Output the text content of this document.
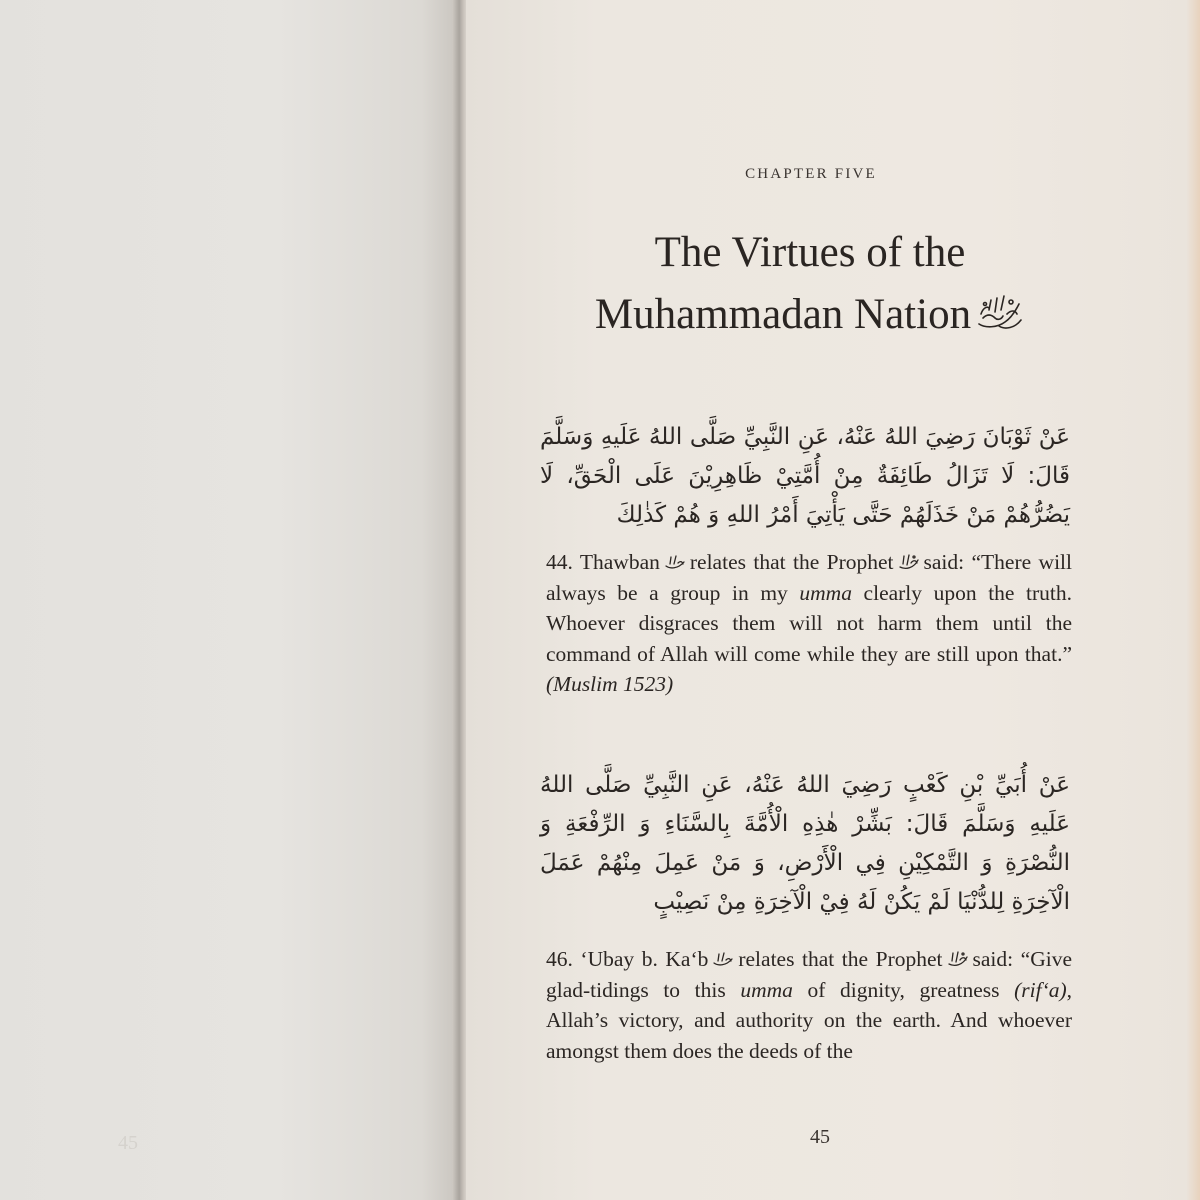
45
CHAPTER FIVE
The Virtues of the
Muhammadan Nation
عَنْ ثَوْبَانَ رَضِيَ اللهُ عَنْهُ، عَنِ النَّبِيِّ صَلَّى اللهُ عَلَيهِ وَسَلَّمَ قَالَ: لَا تَزَالُ طَائِفَةٌ مِنْ أُمَّتِيْ ظَاهِرِيْنَ عَلَى الْحَقِّ، لَا يَضُرُّهُمْ مَنْ خَذَلَهُمْ حَتَّى يَأْتِيَ أَمْرُ اللهِ وَ هُمْ كَذٰلِكَ

44. Thawban relates that the Prophet said: “There will always be a group in my umma clearly upon the truth. Whoever disgraces them will not harm them until the command of Allah will come while they are still upon that.” (Muslim 1523)

عَنْ أُبَيِّ بْنِ كَعْبٍ رَضِيَ اللهُ عَنْهُ، عَنِ النَّبِيِّ صَلَّى اللهُ عَلَيهِ وَسَلَّمَ قَالَ: بَشِّرْ هٰذِهِ الْأُمَّةَ بِالسَّنَاءِ وَ الرِّفْعَةِ وَ النُّصْرَةِ وَ التَّمْكِيْنِ فِي الْأَرْضِ، وَ مَنْ عَمِلَ مِنْهُمْ عَمَلَ الْآخِرَةِ لِلدُّنْيَا لَمْ يَكُنْ لَهُ فِيْ الْآخِرَةِ مِنْ نَصِيْبٍ

46. ‘Ubay b. Ka‘b relates that the Prophet said: “Give glad-tidings to this umma of dignity, greatness (rif‘a), Allah’s victory, and authority on the earth. And whoever amongst them does the deeds of the

45
